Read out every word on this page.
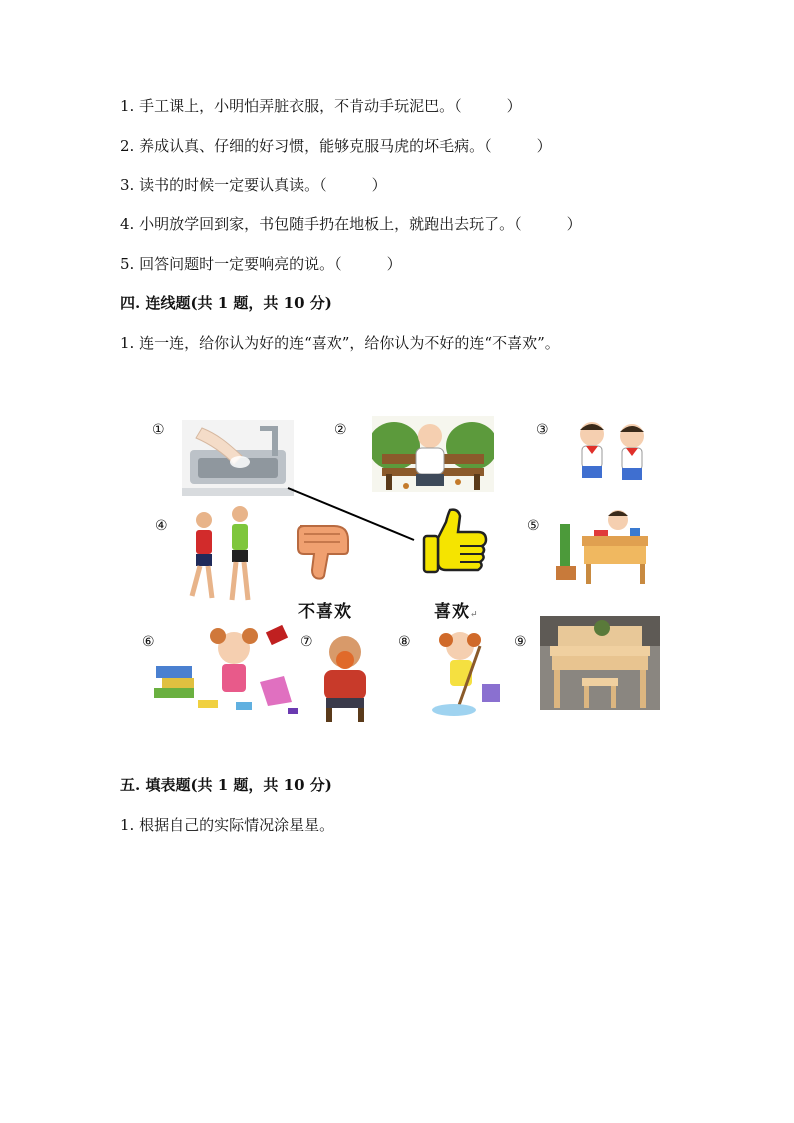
1. 手工课上，小明怕弄脏衣服，不肯动手玩泥巴。（　　　）
2. 养成认真、仔细的好习惯，能够克服马虎的坏毛病。（　　　）
3. 读书的时候一定要认真读。（　　　）
4. 小明放学回到家，书包随手扔在地板上，就跑出去玩了。（　　　）
5. 回答问题时一定要响亮的说。（　　　）
四. 连线题(共 1 题，共 10 分)
1. 连一连，给你认为好的连“喜欢”，给你认为不好的连“不喜欢”。
①	②	③
④
不喜欢	喜欢↵
⑤
⑥	⑦	⑧	⑨
五. 填表题(共 1 题，共 10 分)
1. 根据自己的实际情况涂星星。
